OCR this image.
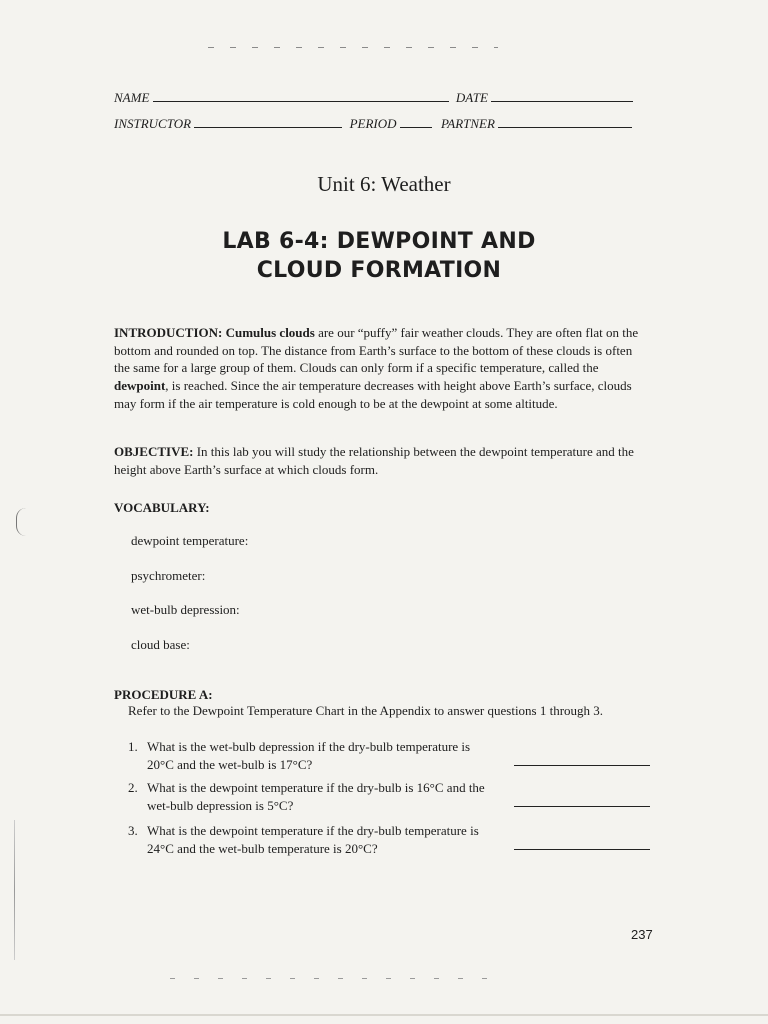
NAME	DATE
INSTRUCTOR	PERIOD	PARTNER
Unit 6: Weather
LAB 6-4: DEWPOINT AND
CLOUD FORMATION
INTRODUCTION: Cumulus clouds are our “puffy” fair weather clouds. They are often flat on the bottom and rounded on top. The distance from Earth’s surface to the bottom of these clouds is often the same for a large group of them. Clouds can only form if a specific temperature, called the dewpoint, is reached. Since the air temperature decreases with height above Earth’s surface, clouds may form if the air temperature is cold enough to be at the dewpoint at some altitude.
OBJECTIVE: In this lab you will study the relationship between the dewpoint temperature and the height above Earth’s surface at which clouds form.
VOCABULARY:
dewpoint temperature:
psychrometer:
wet-bulb depression:
cloud base:
PROCEDURE A:
Refer to the Dewpoint Temperature Chart in the Appendix to answer questions 1 through 3.
1. What is the wet-bulb depression if the dry-bulb temperature is
20°C and the wet-bulb is 17°C?
2. What is the dewpoint temperature if the dry-bulb is 16°C and the
wet-bulb depression is 5°C?
3. What is the dewpoint temperature if the dry-bulb temperature is
24°C and the wet-bulb temperature is 20°C?
237
